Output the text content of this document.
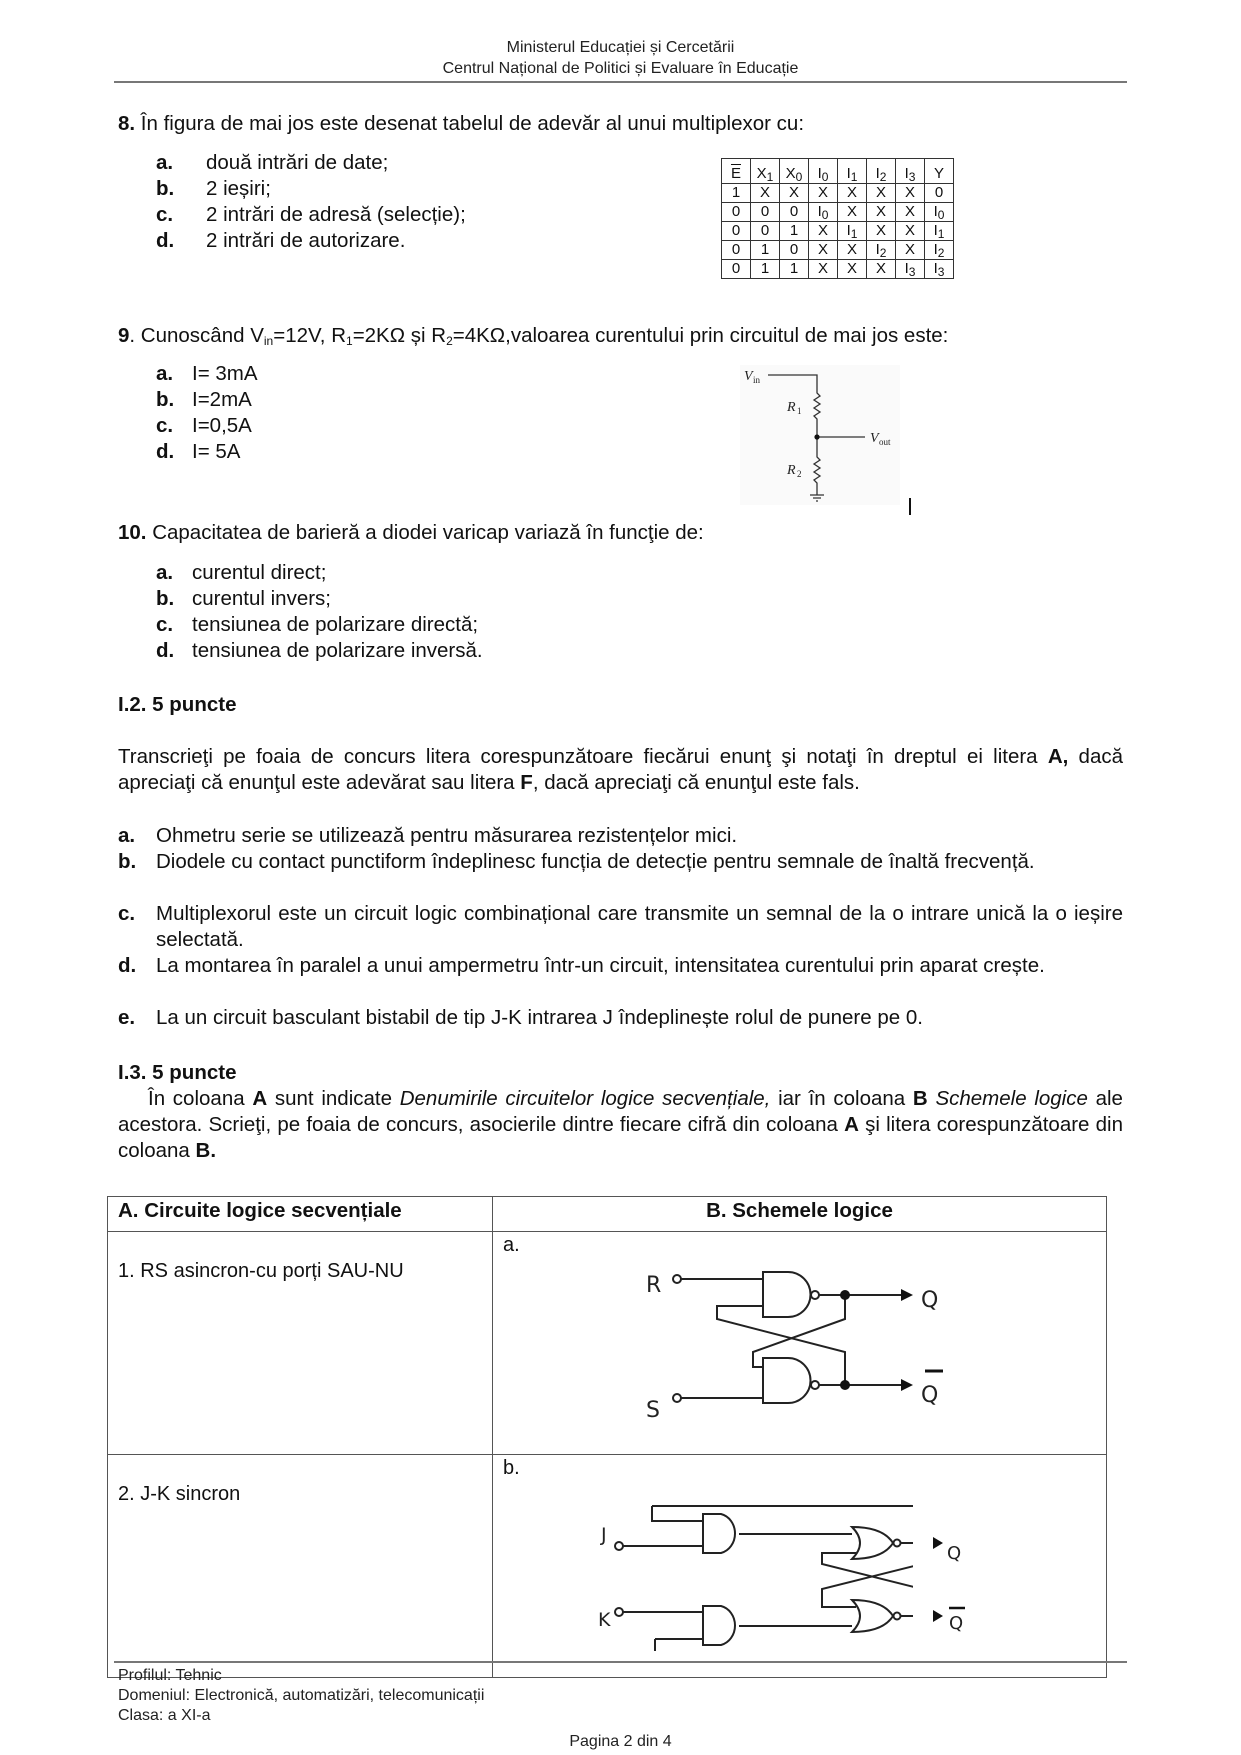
Ministerul Educației și Cercetării
Centrul Național de Politici și Evaluare în Educație
8. În figura de mai jos este desenat tabelul de adevăr al unui multiplexor cu:
a. două intrări de date;
b. 2 ieșiri;
c. 2 intrări de adresă (selecție);
d. 2 intrări de autorizare.
$\overline{E}$	$X_1$	$X_0$	$I_0$	$I_1$	$I_2$	$I_3$	Y
1	X	X	X	X	X	X	0
0	0	0	$I_0$	X	X	X	$I_0$
0	0	1	X	$I_1$	X	X	$I_1$
0	1	0	X	X	$I_2$	X	$I_2$
0	1	1	X	X	X	$I_3$	$I_3$
9. Cunoscând $V_{in}=12V$, $R_1=2K\Omega$ și $R_2=4K\Omega,valoarea$ curentului prin circuitul de mai jos este:
a. I= 3mA
b. I=2mA
c. I=0,5A
d. I= 5A
V in
R 1
V out
R 2
10. Capacitatea de barieră a diodei varicap variază în funcţie de:
a. curentul direct;
b. curentul invers;
c. tensiunea de polarizare directă;
d. tensiunea de polarizare inversă.
I.2. 5 puncte
Transcrieţi pe foaia de concurs litera corespunzătoare fiecărui enunţ şi notaţi în dreptul ei litera A, dacă apreciaţi că enunţul este adevărat sau litera F, dacă apreciaţi că enunţul este fals.
a. Ohmetru serie se utilizează pentru măsurarea rezistențelor mici.
b. Diodele cu contact punctiform îndeplinesc funcția de detecție pentru semnale de înaltă frecvență.
c. Multiplexorul este un circuit logic combinațional care transmite un semnal de la o intrare unică la o ieșire selectată.
d. La montarea în paralel a unui ampermetru într-un circuit, intensitatea curentului prin aparat crește.
e. La un circuit basculant bistabil de tip J-K intrarea J îndeplinește rolul de punere pe 0.
I.3. 5 puncte
În coloana A sunt indicate Denumirile circuitelor logice secvențiale, iar în coloana B Schemele logice ale acestora. Scrieţi, pe foaia de concurs, asocierile dintre fiecare cifră din coloana A şi litera corespunzătoare din coloana B.
A. Circuite logice secvențiale	B. Schemele logice
1. RS asincron-cu porți SAU-NU	a.
R
S
Q
Q

2. J-K sincron	b.
J
K
Q
Q
Profilul: Tehnic
Domeniul: Electronică, automatizări, telecomunicații
Clasa: a XI-a
Pagina 2 din 4
